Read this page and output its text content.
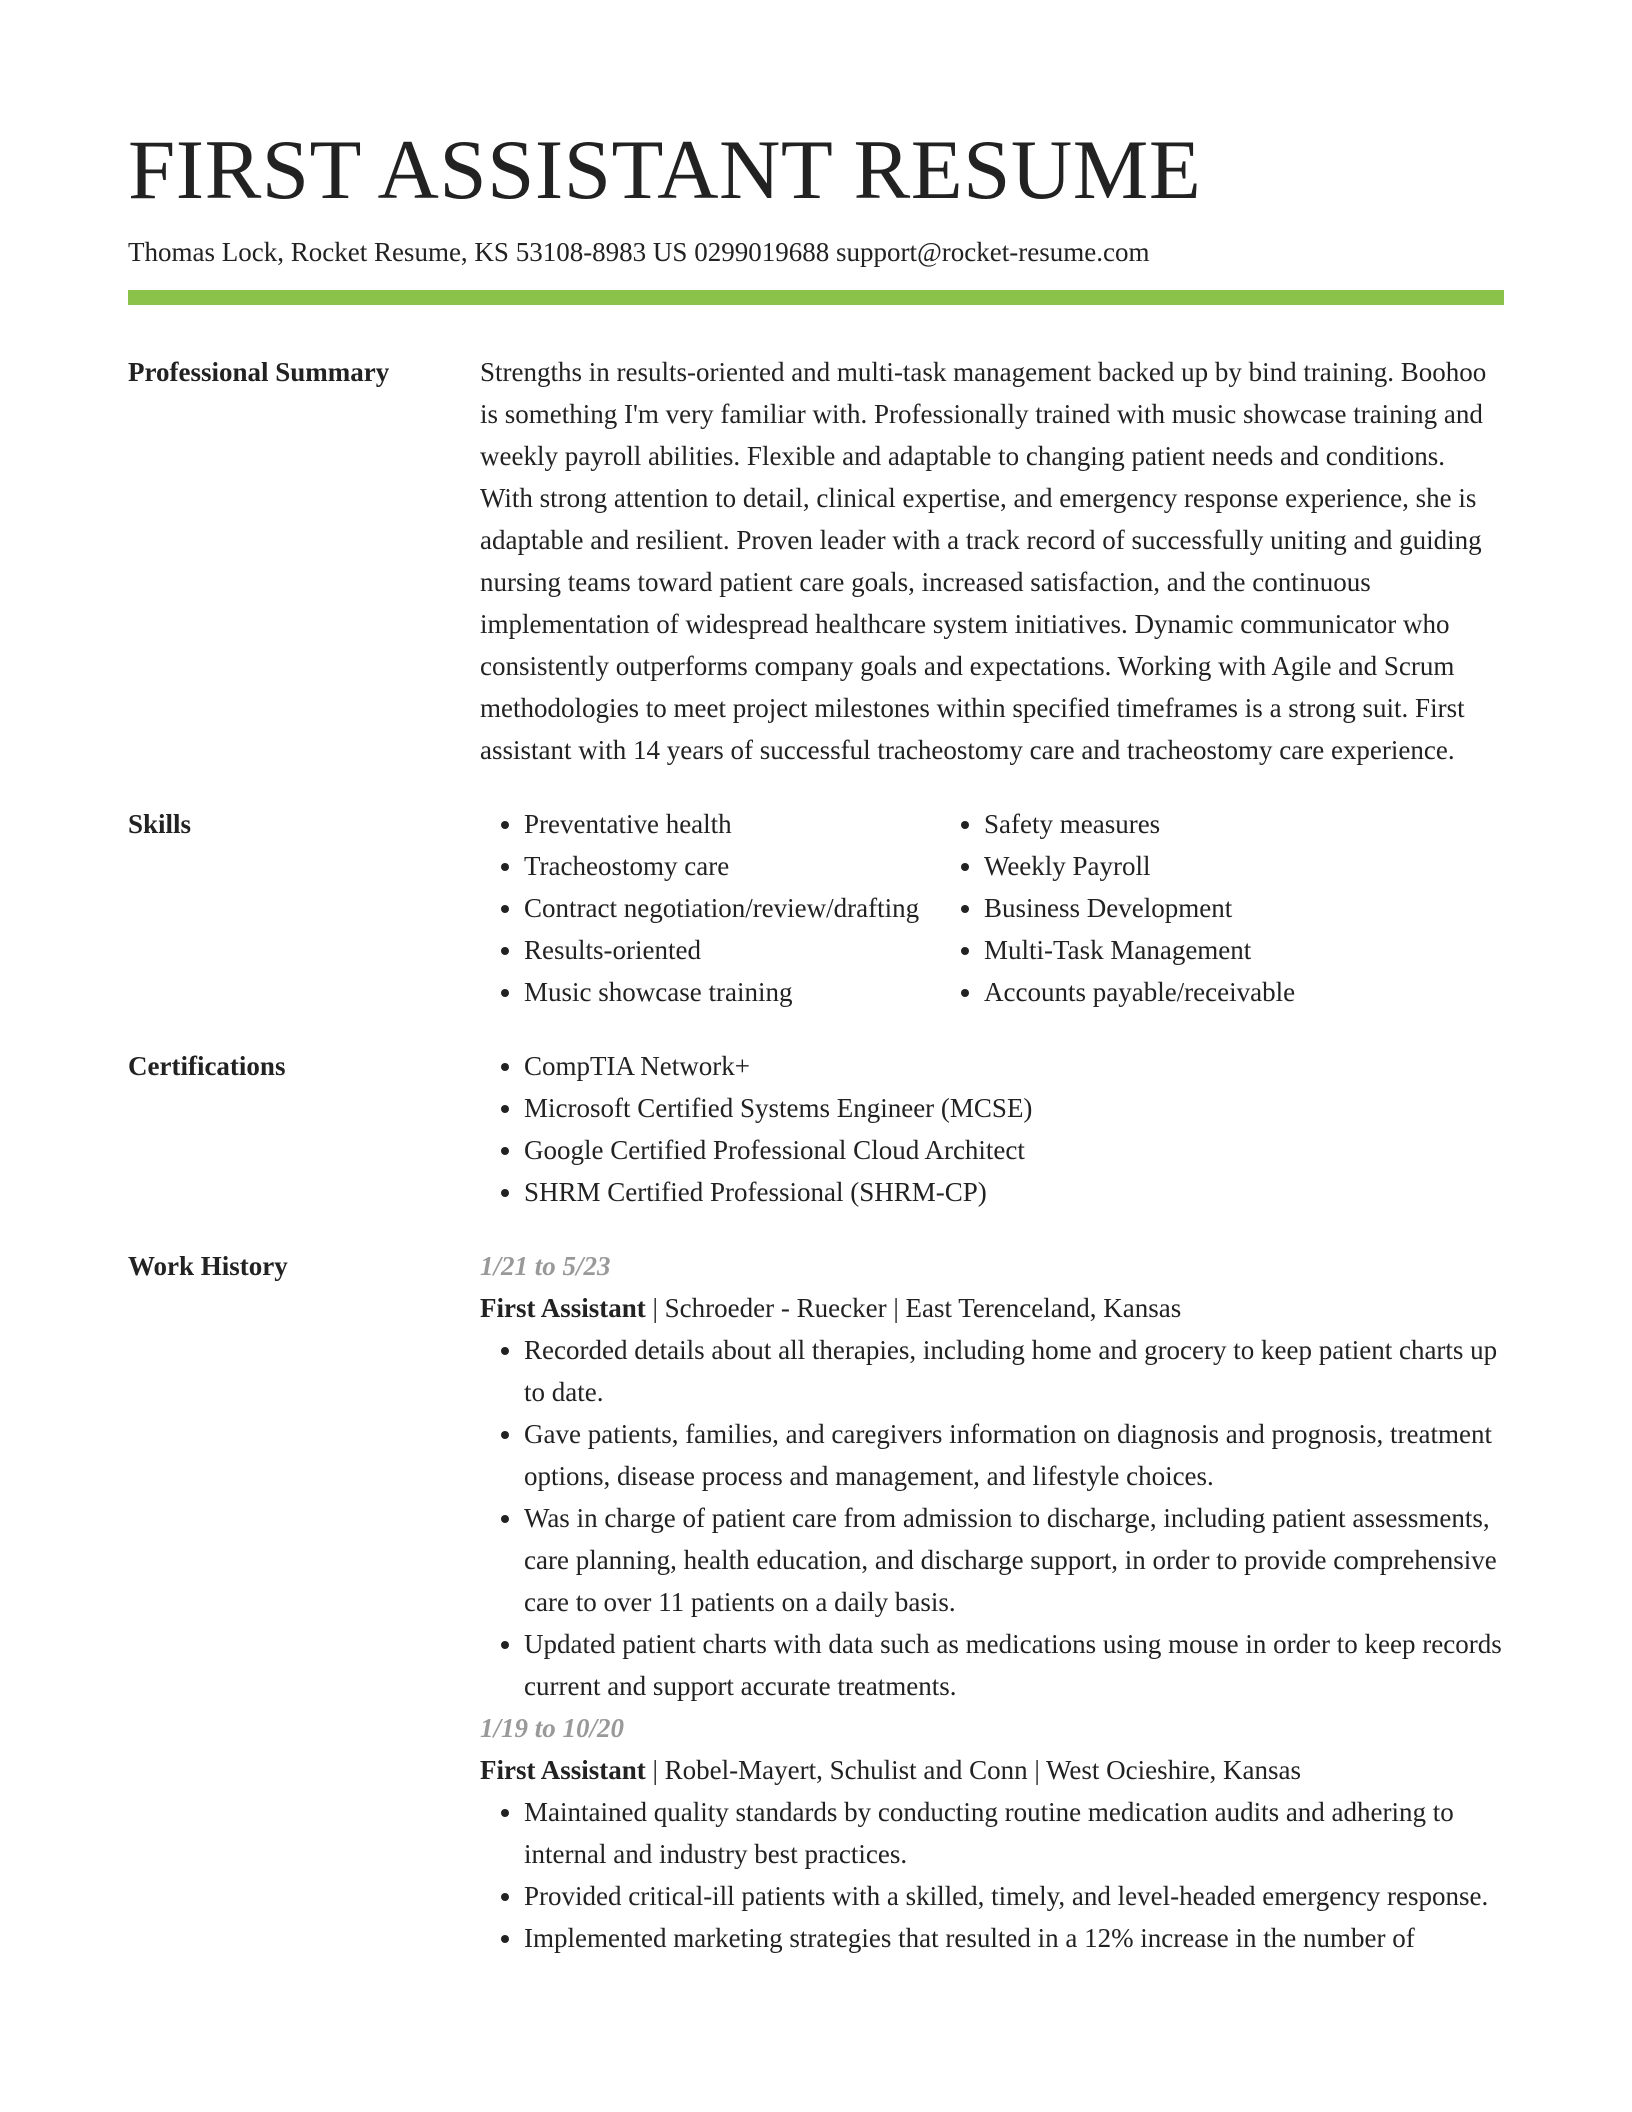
FIRST ASSISTANT RESUME
Thomas Lock, Rocket Resume, KS 53108-8983 US 0299019688 support@rocket-resume.com
Professional Summary	Strengths in results-oriented and multi-task management backed up by bind training. Boohoo is something I'm very familiar with. Professionally trained with music showcase training and weekly payroll abilities. Flexible and adaptable to changing patient needs and conditions. With strong attention to detail, clinical expertise, and emergency response experience, she is adaptable and resilient. Proven leader with a track record of successfully uniting and guiding nursing teams toward patient care goals, increased satisfaction, and the continuous implementation of widespread healthcare system initiatives. Dynamic communicator who consistently outperforms company goals and expectations. Working with Agile and Scrum methodologies to meet project milestones within specified timeframes is a strong suit. First assistant with 14 years of successful tracheostomy care and tracheostomy care experience.
Skills	• Preventative health
• Tracheostomy care
• Contract negotiation/review/drafting
• Results-oriented
• Music showcase training
• Safety measures
• Weekly Payroll
• Business Development
• Multi-Task Management
• Accounts payable/receivable
Certifications	• CompTIA Network+
• Microsoft Certified Systems Engineer (MCSE)
• Google Certified Professional Cloud Architect
• SHRM Certified Professional (SHRM-CP)
Work History	1/21 to 5/23
First Assistant | Schroeder - Ruecker | East Terenceland, Kansas
• Recorded details about all therapies, including home and grocery to keep patient charts up to date.
• Gave patients, families, and caregivers information on diagnosis and prognosis, treatment options, disease process and management, and lifestyle choices.
• Was in charge of patient care from admission to discharge, including patient assessments, care planning, health education, and discharge support, in order to provide comprehensive care to over 11 patients on a daily basis.
• Updated patient charts with data such as medications using mouse in order to keep records current and support accurate treatments.
1/19 to 10/20
First Assistant | Robel-Mayert, Schulist and Conn | West Ocieshire, Kansas
• Maintained quality standards by conducting routine medication audits and adhering to internal and industry best practices.
• Provided critical-ill patients with a skilled, timely, and level-headed emergency response.
• Implemented marketing strategies that resulted in a 12% increase in the number of
